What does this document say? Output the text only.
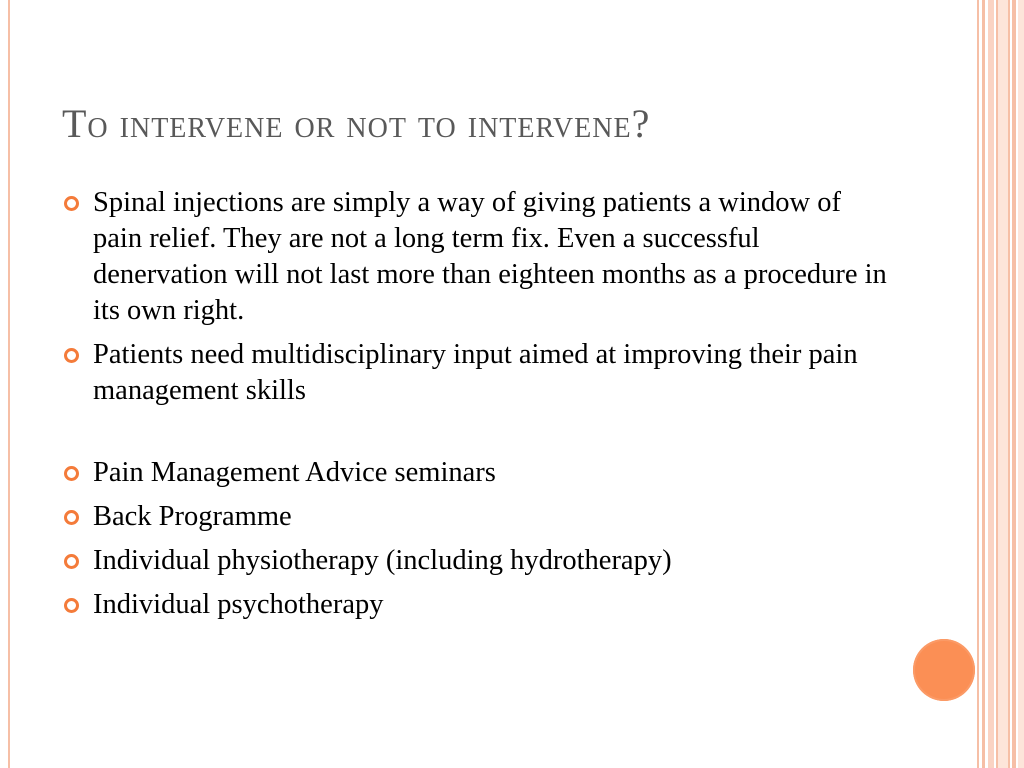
To intervene or not to intervene?
Spinal injections are simply a way of giving patients a window of pain relief. They are not a long term fix. Even a successful denervation will not last more than eighteen months as a procedure in its own right.
Patients need multidisciplinary input aimed at improving their pain management skills
Pain Management Advice seminars
Back Programme
Individual physiotherapy (including hydrotherapy)
Individual psychotherapy
